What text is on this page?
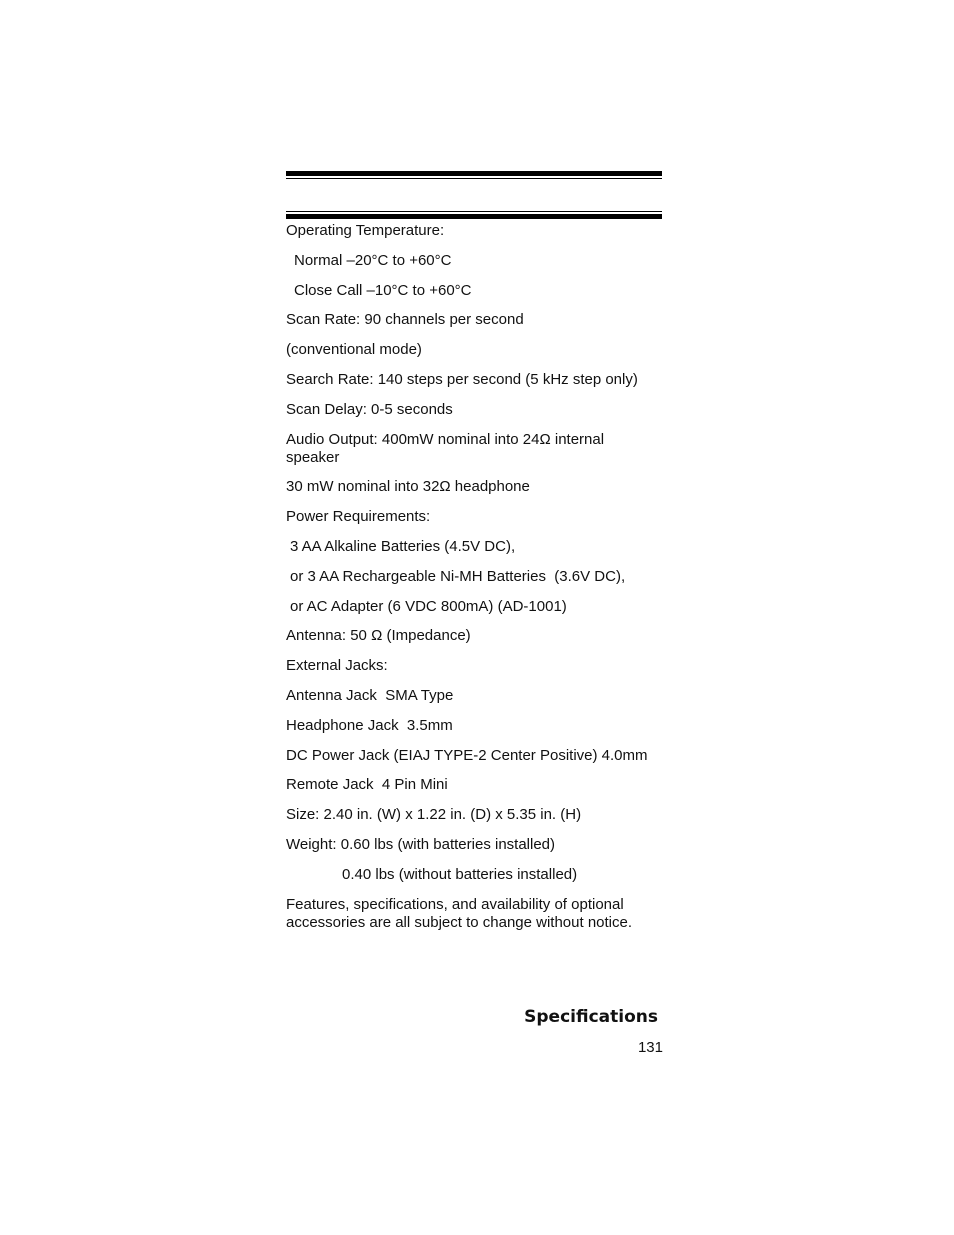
Operating Temperature:
Normal –20°C to +60°C
Close Call –10°C to +60°C
Scan Rate: 90 channels per second
(conventional mode)
Search Rate: 140 steps per second (5 kHz step only)
Scan Delay: 0-5 seconds
Audio Output: 400mW nominal into 24Ω internal speaker
30 mW nominal into 32Ω headphone
Power Requirements:
3 AA Alkaline Batteries (4.5V DC),
or 3 AA Rechargeable Ni-MH Batteries  (3.6V DC),
or AC Adapter (6 VDC 800mA) (AD-1001)
Antenna: 50 Ω (Impedance)
External Jacks:
Antenna Jack  SMA Type
Headphone Jack  3.5mm
DC Power Jack (EIAJ TYPE-2 Center Positive) 4.0mm
Remote Jack  4 Pin Mini
Size: 2.40 in. (W) x 1.22 in. (D) x 5.35 in. (H)
Weight: 0.60 lbs (with batteries installed)
0.40 lbs (without batteries installed)
Features, specifications, and availability of optional accessories are all subject to change without notice.
Specifications
131
